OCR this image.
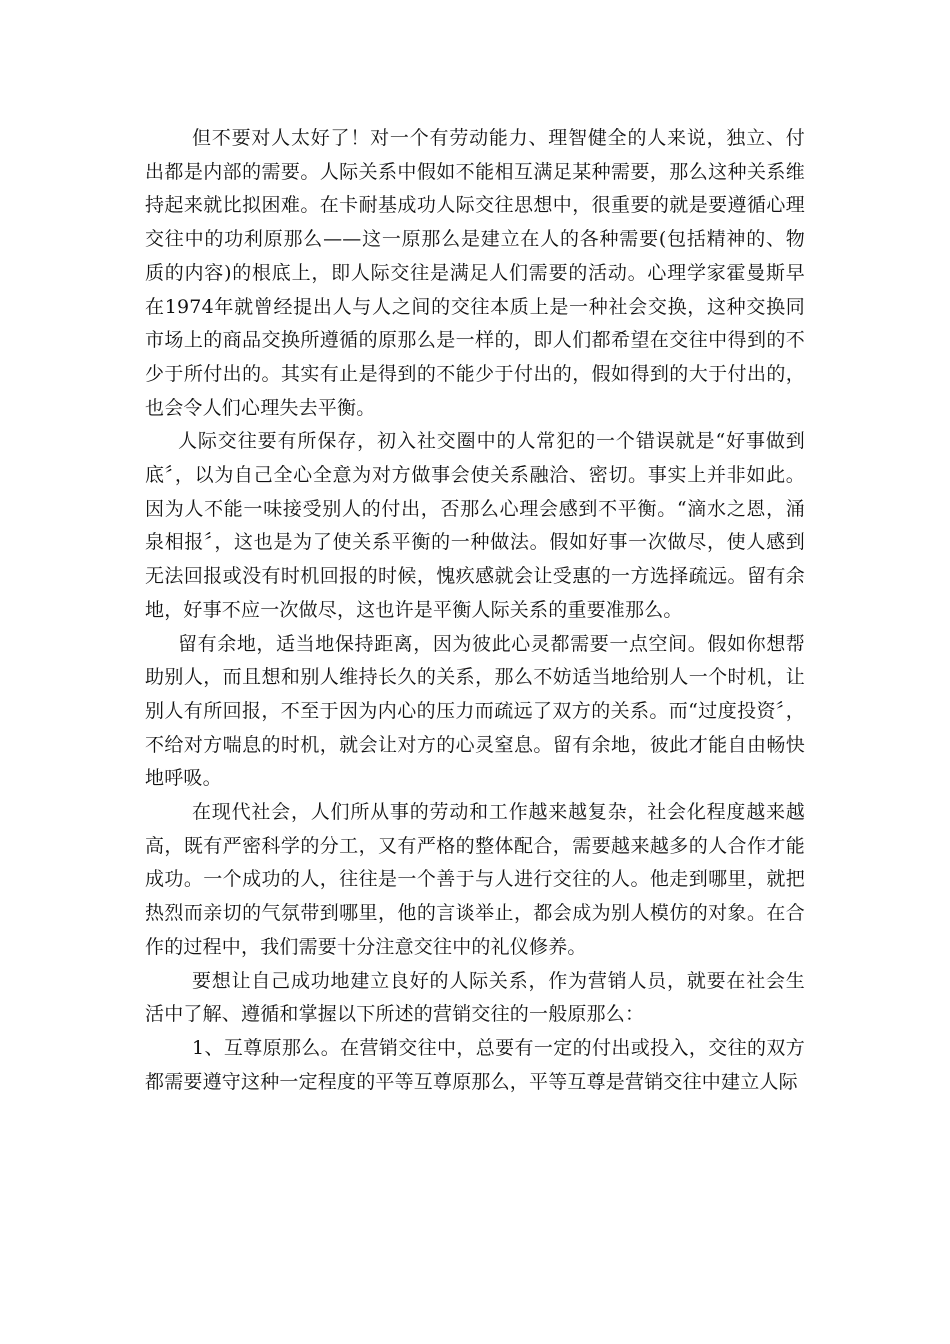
但不要对人太好了！对一个有劳动能力、理智健全的人来说，独立、付出都是内部的需要。人际关系中假如不能相互满足某种需要，那么这种关系维持起来就比拟困难。在卡耐基成功人际交往思想中，很重要的就是要遵循心理交往中的功利原那么——这一原那么是建立在人的各种需要(包括精神的、物质的内容)的根底上，即人际交往是满足人们需要的活动。心理学家霍曼斯早在1974年就曾经提出人与人之间的交往本质上是一种社会交换，这种交换同市场上的商品交换所遵循的原那么是一样的，即人们都希望在交往中得到的不少于所付出的。其实有止是得到的不能少于付出的，假如得到的大于付出的，也会令人们心理失去平衡。

人际交往要有所保存，初入社交圈中的人常犯的一个错误就是“好事做到底〞，以为自己全心全意为对方做事会使关系融洽、密切。事实上并非如此。因为人不能一味接受别人的付出，否那么心理会感到不平衡。“滴水之恩，涌泉相报〞，这也是为了使关系平衡的一种做法。假如好事一次做尽，使人感到无法回报或没有时机回报的时候，愧疚感就会让受惠的一方选择疏远。留有余地，好事不应一次做尽，这也许是平衡人际关系的重要准那么。

留有余地，适当地保持距离，因为彼此心灵都需要一点空间。假如你想帮助别人，而且想和别人维持长久的关系，那么不妨适当地给别人一个时机，让别人有所回报，不至于因为内心的压力而疏远了双方的关系。而“过度投资〞，不给对方喘息的时机，就会让对方的心灵窒息。留有余地，彼此才能自由畅快地呼吸。

在现代社会，人们所从事的劳动和工作越来越复杂，社会化程度越来越高，既有严密科学的分工，又有严格的整体配合，需要越来越多的人合作才能成功。一个成功的人，往往是一个善于与人进行交往的人。他走到哪里，就把热烈而亲切的气氛带到哪里，他的言谈举止，都会成为别人模仿的对象。在合作的过程中，我们需要十分注意交往中的礼仪修养。

要想让自己成功地建立良好的人际关系，作为营销人员，就要在社会生活中了解、遵循和掌握以下所述的营销交往的一般原那么：

1、互尊原那么。在营销交往中，总要有一定的付出或投入，交往的双方都需要遵守这种一定程度的平等互尊原那么，平等互尊是营销交往中建立人际
